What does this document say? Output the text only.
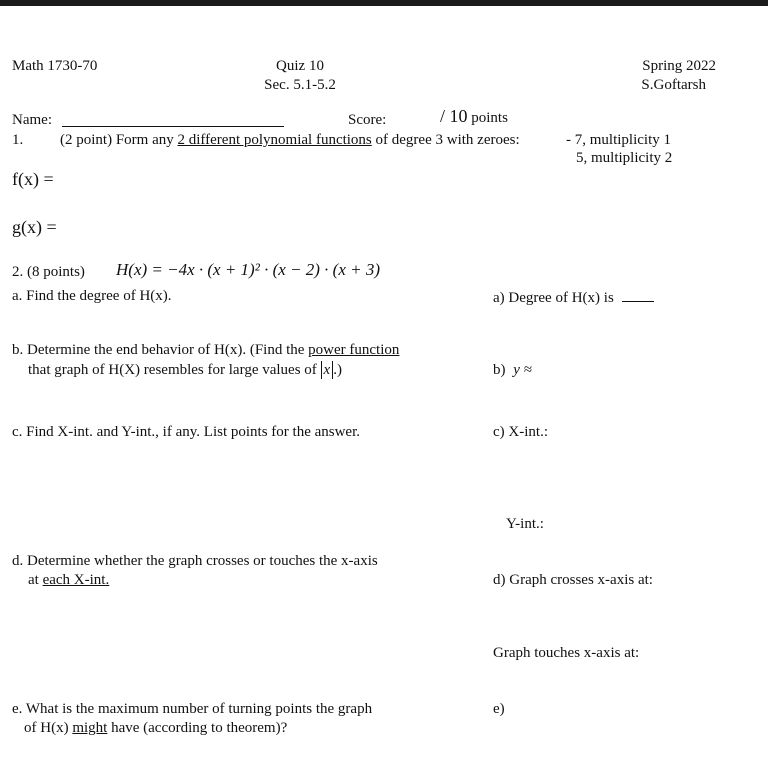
Math 1730-70	Quiz 10
Sec. 5.1-5.2
Spring 2022
S.Goftarsh
Name:	Score:	/ 10 points
1. (2 point) Form any 2 different polynomial functions of degree 3 with zeroes:	- 7, multiplicity 1
5, multiplicity 2
f(x) =
g(x) =
2. (8 points) H(x) = −4x · (x + 1)² · (x − 2) · (x + 3)
a. Find the degree of H(x).	a) Degree of H(x) is
b. Determine the end behavior of H(x). (Find the power function
that graph of H(X) resembles for large values of x .)	b) y ≈
c. Find X-int. and Y-int., if any. List points for the answer.	c) X-int.:
Y-int.:
d. Determine whether the graph crosses or touches the x-axis
at each X-int.	d) Graph crosses x-axis at:
Graph touches x-axis at:
e. What is the maximum number of turning points the graph
of H(x) might have (according to theorem)?
e)
